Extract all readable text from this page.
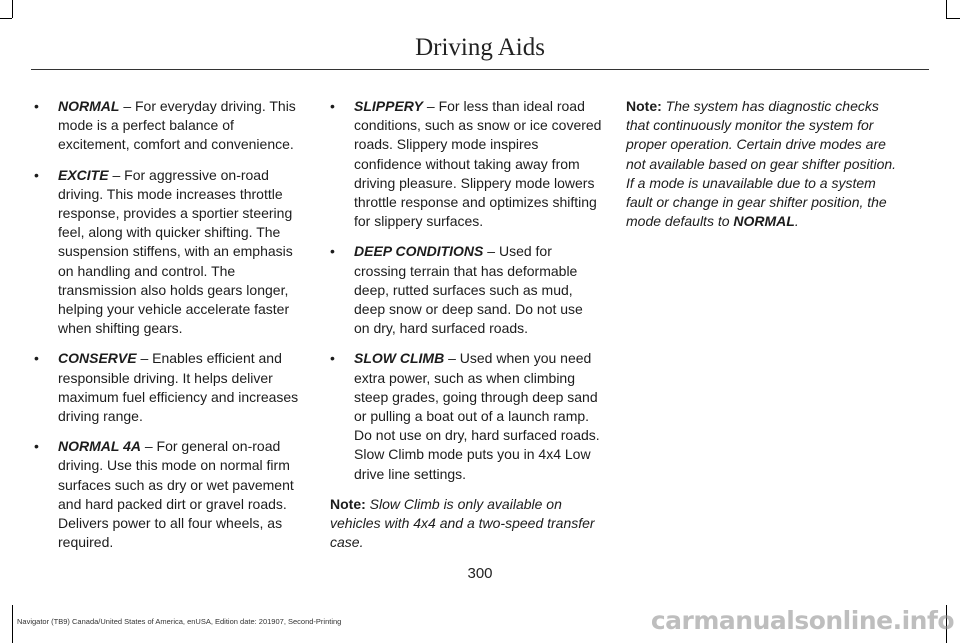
Driving Aids
• NORMAL – For everyday driving. This mode is a perfect balance of excitement, comfort and convenience.
• EXCITE – For aggressive on-road driving. This mode increases throttle response, provides a sportier steering feel, along with quicker shifting. The suspension stiffens, with an emphasis on handling and control. The transmission also holds gears longer, helping your vehicle accelerate faster when shifting gears.
• CONSERVE – Enables efficient and responsible driving. It helps deliver maximum fuel efficiency and increases driving range.
• NORMAL 4A – For general on-road driving. Use this mode on normal firm surfaces such as dry or wet pavement and hard packed dirt or gravel roads. Delivers power to all four wheels, as required.
• SLIPPERY – For less than ideal road conditions, such as snow or ice covered roads. Slippery mode inspires confidence without taking away from driving pleasure. Slippery mode lowers throttle response and optimizes shifting for slippery surfaces.
• DEEP CONDITIONS – Used for crossing terrain that has deformable deep, rutted surfaces such as mud, deep snow or deep sand. Do not use on dry, hard surfaced roads.
• SLOW CLIMB – Used when you need extra power, such as when climbing steep grades, going through deep sand or pulling a boat out of a launch ramp. Do not use on dry, hard surfaced roads. Slow Climb mode puts you in 4x4 Low drive line settings.

Note: Slow Climb is only available on vehicles with 4x4 and a two-speed transfer case.

Note: The system has diagnostic checks that continuously monitor the system for proper operation. Certain drive modes are not available based on gear shifter position. If a mode is unavailable due to a system fault or change in gear shifter position, the mode defaults to NORMAL.

300
Navigator (TB9) Canada/United States of America, enUSA, Edition date: 201907, Second-Printing	carmanualsonline.info
